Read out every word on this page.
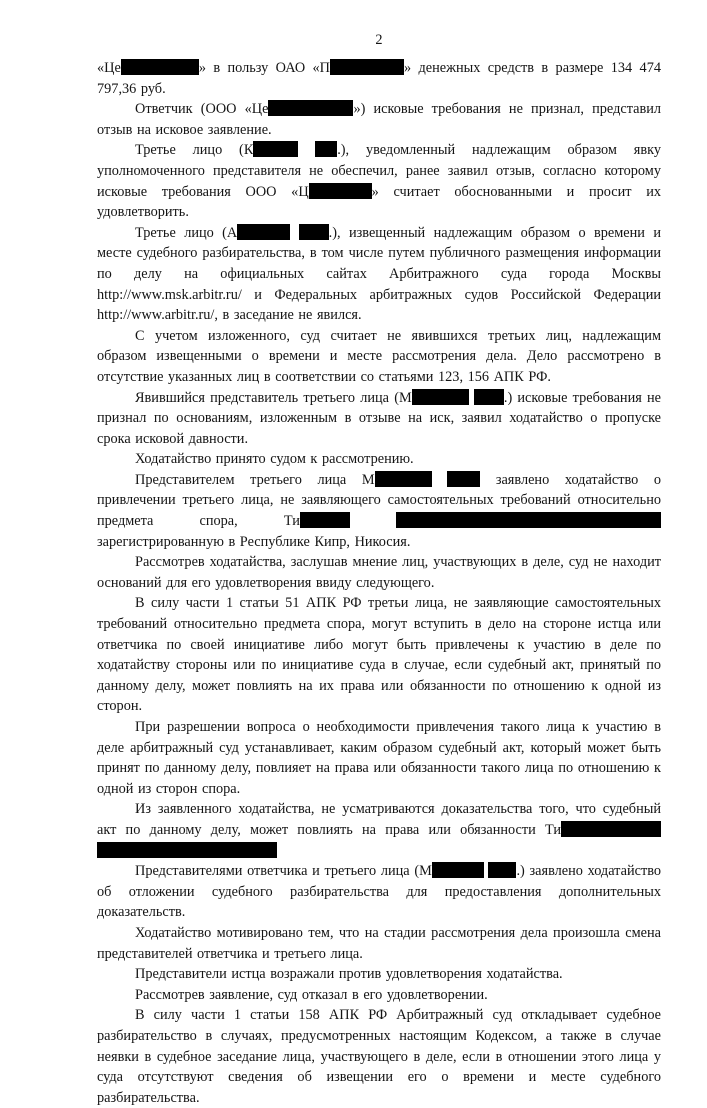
2

«Це	» в пользу ОАО «П	» денежных средств в размере 134 474 797,36 руб.

Ответчик (ООО «Це	») исковые требования не признал, представил отзыв на исковое заявление.

Третье лицо (К	.), уведомленный надлежащим образом явку уполномоченного представителя не обеспечил, ранее заявил отзыв, согласно которому исковые требования ООО «Ц	» считает обоснованными и просит их удовлетворить.

Третье лицо (А	.), извещенный надлежащим образом о времени и месте судебного разбирательства, в том числе путем публичного размещения информации по делу на официальных сайтах Арбитражного суда города Москвы http://www.msk.arbitr.ru/ и Федеральных арбитражных судов Российской Федерации http://www.arbitr.ru/, в заседание не явился.

С учетом изложенного, суд считает не явившихся третьих лиц, надлежащим образом извещенными о времени и месте рассмотрения дела. Дело рассмотрено в отсутствие указанных лиц в соответствии со статьями 123, 156 АПК РФ.

Явившийся представитель третьего лица (М	.) исковые требования не признал по основаниям, изложенным в отзыве на иск, заявил ходатайство о пропуске срока исковой давности.

Ходатайство принято судом к рассмотрению.

Представителем третьего лица М	заявлено ходатайство о привлечении третьего лица, не заявляющего самостоятельных требований относительно предмета спора, Ти  зарегистрированную в Республике Кипр, Никосия.

Рассмотрев ходатайства, заслушав мнение лиц, участвующих в деле, суд не находит оснований для его удовлетворения ввиду следующего.

В силу части 1 статьи 51 АПК РФ третьи лица, не заявляющие самостоятельных требований относительно предмета спора, могут вступить в дело на стороне истца или ответчика по своей инициативе либо могут быть привлечены к участию в деле по ходатайству стороны или по инициативе суда в случае, если судебный акт, принятый по данному делу, может повлиять на их права или обязанности по отношению к одной из сторон.

При разрешении вопроса о необходимости привлечения такого лица к участию в деле арбитражный суд устанавливает, каким образом судебный акт, который может быть принят по данному делу, повлияет на права или обязанности такого лица по отношению к одной из сторон спора.

Из заявленного ходатайства, не усматриваются доказательства того, что судебный акт по данному делу, может повлиять на права или обязанности Ти

Представителями ответчика и третьего лица (М	.) заявлено ходатайство об отложении судебного разбирательства для предоставления дополнительных доказательств.

Ходатайство мотивировано тем, что на стадии рассмотрения дела произошла смена представителей ответчика и третьего лица.

Представители истца возражали против удовлетворения ходатайства.

Рассмотрев заявление, суд отказал в его удовлетворении.

В силу части 1 статьи 158 АПК РФ Арбитражный суд откладывает судебное разбирательство в случаях, предусмотренных настоящим Кодексом, а также в случае неявки в судебное заседание лица, участвующего в деле, если в отношении этого лица у суда отсутствуют сведения об извещении его о времени и месте судебного разбирательства.
